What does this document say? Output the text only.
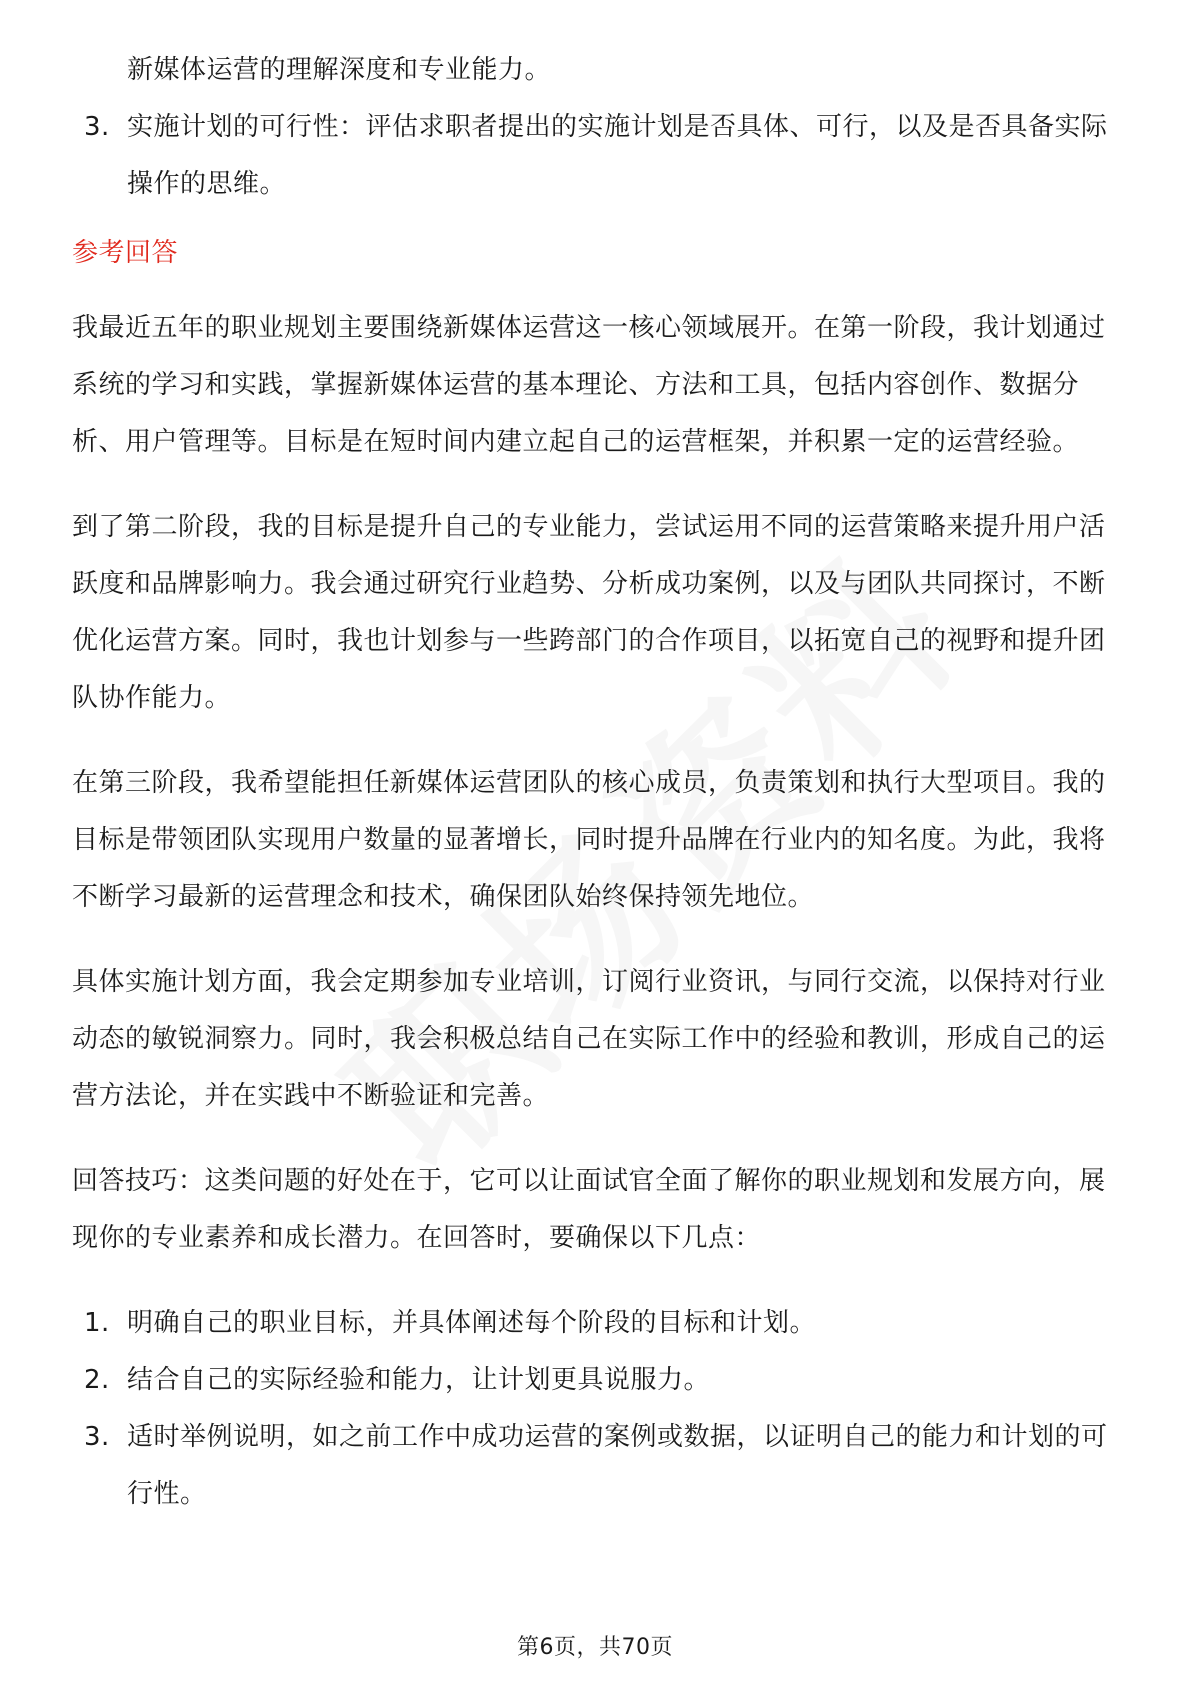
新媒体运营的理解深度和专业能力。

3. 实施计划的可行性：评估求职者提出的实施计划是否具体、可行，以及是否具备实际操作的思维。
参考回答

我最近五年的职业规划主要围绕新媒体运营这一核心领域展开。在第一阶段，我计划通过系统的学习和实践，掌握新媒体运营的基本理论、方法和工具，包括内容创作、数据分析、用户管理等。目标是在短时间内建立起自己的运营框架，并积累一定的运营经验。

到了第二阶段，我的目标是提升自己的专业能力，尝试运用不同的运营策略来提升用户活跃度和品牌影响力。我会通过研究行业趋势、分析成功案例，以及与团队共同探讨，不断优化运营方案。同时，我也计划参与一些跨部门的合作项目，以拓宽自己的视野和提升团队协作能力。

在第三阶段，我希望能担任新媒体运营团队的核心成员，负责策划和执行大型项目。我的目标是带领团队实现用户数量的显著增长，同时提升品牌在行业内的知名度。为此，我将不断学习最新的运营理念和技术，确保团队始终保持领先地位。

具体实施计划方面，我会定期参加专业培训，订阅行业资讯，与同行交流，以保持对行业动态的敏锐洞察力。同时，我会积极总结自己在实际工作中的经验和教训，形成自己的运营方法论，并在实践中不断验证和完善。

回答技巧：这类问题的好处在于，它可以让面试官全面了解你的职业规划和发展方向，展现你的专业素养和成长潜力。在回答时，要确保以下几点：

1. 明确自己的职业目标，并具体阐述每个阶段的目标和计划。
2. 结合自己的实际经验和能力，让计划更具说服力。
3. 适时举例说明，如之前工作中成功运营的案例或数据，以证明自己的能力和计划的可行性。
第6页，共70页
